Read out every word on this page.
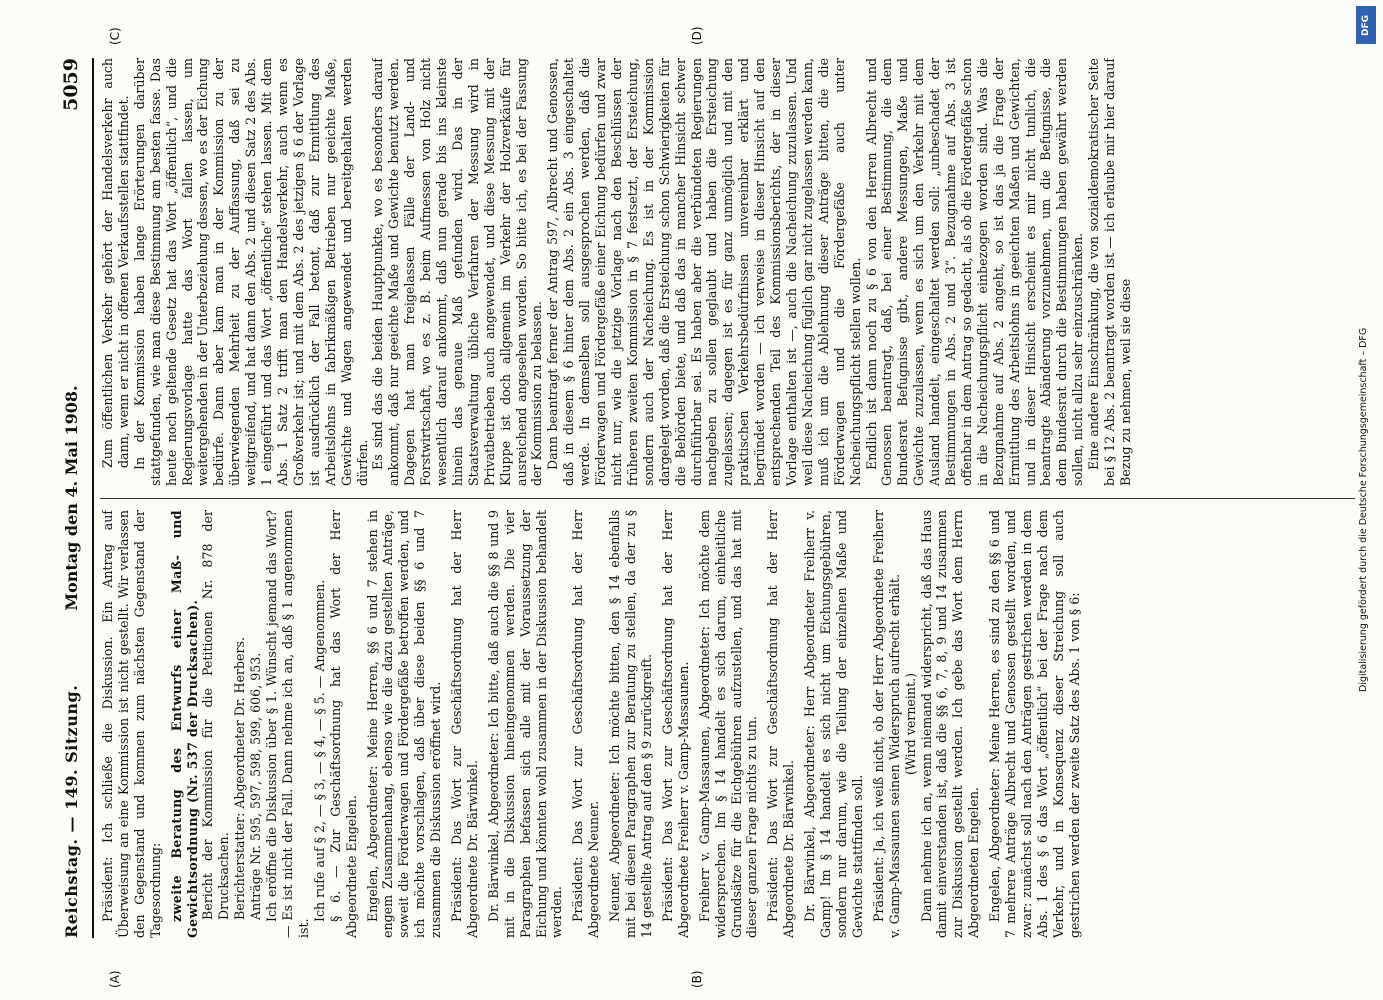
Reichstag. — 149. Sitzung.
Montag den 4. Mai 1908.
5059
(A)	(B)
(C)	(D)

Präsident: Ich schließe die Diskussion. Ein Antrag auf Überweisung an eine Kommission ist nicht gestellt. Wir verlassen den Gegenstand und kommen zum nächsten Gegenstand der Tagesordnung: zweite Beratung des Entwurfs einer Maß- und Gewichtsordnung (Nr. 537 der Drucksachen). Bericht der Kommission für die Petitionen Nr. 878 der Drucksachen. Berichterstatter: Abgeordneter Dr. Herbers. Anträge Nr. 595, 597, 598, 599, 606, 953. Ich eröffne die Diskussion über § 1. Wünscht jemand das Wort? — Es ist nicht der Fall. Dann nehme ich an, daß § 1 angenommen ist.

Ich rufe auf § 2, — § 3, — § 4, — § 5. — Angenommen. § 6. — Zur Geschäftsordnung hat das Wort der Herr Abgeordnete Engelen. Engelen, Abgeordneter: Meine Herren, §§ 6 und 7 stehen in engem Zusammenhang, ebenso wie die dazu gestellten Anträge, soweit die Förderwagen und Fördergefäße betroffen werden, und ich möchte vorschlagen, daß über diese beiden §§ 6 und 7 zusammen die Diskussion eröffnet wird. Präsident: Das Wort zur Geschäftsordnung hat der Herr Abgeordnete Dr. Bärwinkel. Dr. Bärwinkel, Abgeordneter: Ich bitte, daß auch die §§ 8 und 9 mit in die Diskussion hineingenommen werden. Die vier Paragraphen befassen sich alle mit der Voraussetzung der Eichung und könnten wohl zusammen in der Diskussion behandelt werden. Präsident: Das Wort zur Geschäftsordnung hat der Herr Abgeordnete Neuner. Neuner, Abgeordneter: Ich möchte bitten, den § 14 ebenfalls mit bei diesen Paragraphen zur Beratung zu stellen, da der zu § 14 gestellte Antrag auf den § 9 zurückgreift. Präsident: Das Wort zur Geschäftsordnung hat der Herr Abgeordnete Freiherr v. Gamp-Massaunen. Freiherr v. Gamp-Massaunen, Abgeordneter: Ich möchte dem widersprechen. Im § 14 handelt es sich darum, einheitliche Grundsätze für die Eichgebühren aufzustellen, und das hat mit dieser ganzen Frage nichts zu tun. Präsident: Das Wort zur Geschäftsordnung hat der Herr Abgeordnete Dr. Bärwinkel. Dr. Bärwinkel, Abgeordneter: Herr Abgeordneter Freiherr v. Gamp! Im § 14 handelt es sich nicht um Eichungsgebühren, sondern nur darum, wie die Teilung der einzelnen Maße und Gewichte stattfinden soll. Präsident: Ja, ich weiß nicht, ob der Herr Abgeordnete Freiherr v. Gamp-Massaunen seinen Widerspruch aufrecht erhält. (Wird verneint.) Dann nehme ich an, wenn niemand widerspricht, daß das Haus damit einverstanden ist, daß die §§ 6, 7, 8, 9 und 14 zusammen zur Diskussion gestellt werden. Ich gebe das Wort dem Herrn Abgeordneten Engelen. Engelen, Abgeordneter: Meine Herren, es sind zu den §§ 6 und 7 mehrere Anträge Albrecht und Genossen gestellt worden, und zwar: zunächst soll nach den Anträgen gestrichen werden in dem Abs. 1 des § 6 das Wort „öffentlich“ bei der Frage nach dem Verkehr, und in Konsequenz dieser Streichung soll auch gestrichen werden der zweite Satz des Abs. 1 von § 6:

Zum öffentlichen Verkehr gehört der Handelsverkehr auch dann, wenn er nicht in offenen Verkaufsstellen stattfindet. In der Kommission haben lange Erörterungen darüber stattgefunden, wie man diese Bestimmung am besten fasse. Das heute noch geltende Gesetz hat das Wort „öffentlich“, und die Regierungsvorlage hatte das Wort fallen lassen, um weitergehenden in der Unterbeziehung dessen, wo es der Eichung bedürfe. Dann aber kam man in der Kommission zu der überwiegenden Mehrheit zu der Auffassung, daß sei zu weitgreifend, und hat dann den Abs. 2 und diesen Satz 2 des Abs. 1 eingeführt und das Wort „öffentliche“ stehen lassen. Mit dem Abs. 1 Satz 2 trifft man den Handelsverkehr, auch wenn es Großverkehr ist; und mit dem Abs. 2 des jetzigen § 6 der Vorlage ist ausdrücklich der Fall betont, daß zur Ermittlung des Arbeitslohns in fabrikmäßigen Betrieben nur geeichte Maße, Gewichte und Wagen angewendet und bereitgehalten werden dürfen. Es sind das die beiden Hauptpunkte, wo es besonders darauf ankommt, daß nur geeichte Maße und Gewichte benutzt werden. Dagegen hat man freigelassen Fälle der Land- und Forstwirtschaft, wo es z. B. beim Aufmessen von Holz nicht wesentlich darauf ankommt, daß nun gerade bis ins kleinste hinein das genaue Maß gefunden wird. Das in der Staatsverwaltung übliche Verfahren der Messung wird in Privatbetrieben auch angewendet, und diese Messung mit der Kluppe ist doch allgemein im Verkehr der Holzverkäufe für ausreichend angesehen worden. So bitte ich, es bei der Fassung der Kommission zu belassen. Dann beantragt ferner der Antrag 597, Albrecht und Genossen, daß in diesem § 6 hinter dem Abs. 2 ein Abs. 3 eingeschaltet werde. In demselben soll ausgesprochen werden, daß die Förderwagen und Fördergefäße einer Eichung bedürfen und zwar nicht nur, wie die jetzige Vorlage nach den Beschlüssen der früheren zweiten Kommission in § 7 festsetzt, der Ersteichung, sondern auch der Nacheichung. Es ist in der Kommission dargelegt worden, daß die Ersteichung schon Schwierigkeiten für die Behörden biete, und daß das in mancher Hinsicht schwer durchführbar sei. Es haben aber die verbündeten Regierungen nachgeben zu sollen geglaubt und haben die Ersteichung zugelassen; dagegen ist es für ganz unmöglich und mit den praktischen Verkehrsbedürfnissen unvereinbar erklärt und begründet worden — ich verweise in dieser Hinsicht auf den entsprechenden Teil des Kommissionsberichts, der in dieser Vorlage enthalten ist —, auch die Nacheichung zuzulassen. Und weil diese Nacheichung füglich gar nicht zugelassen werden kann, muß ich um die Ablehnung dieser Anträge bitten, die die Förderwagen und die Fördergefäße auch unter Nacheichungspflicht stellen wollen. Endlich ist dann noch zu § 6 von den Herren Albrecht und Genossen beantragt, daß, bei einer Bestimmung, die dem Bundesrat Befugnisse gibt, andere Messungen, Maße und Gewichte zuzulassen, wenn es sich um den Verkehr mit dem Ausland handelt, eingeschaltet werden soll: „unbeschadet der Bestimmungen in Abs. 2 und 3“. Bezugnahme auf Abs. 3 ist offenbar in dem Antrag so gedacht, als ob die Fördergefäße schon in die Nacheichungspflicht einbezogen worden sind. Was die Bezugnahme auf Abs. 2 angeht, so ist das ja die Frage der Ermittlung des Arbeitslohns in geeichten Maßen und Gewichten, und in dieser Hinsicht erscheint es mir nicht tunlich, die beantragte Abänderung vorzunehmen, um die Befugnisse, die dem Bundesrat durch die Bestimmungen haben gewährt werden sollen, nicht allzu sehr einzuschränken. Eine andere Einschränkung, die von sozialdemokratischer Seite bei § 12 Abs. 2 beantragt worden ist — ich erlaube mir hier darauf Bezug zu nehmen, weil sie diese

DFG
Digitalisierung gefördert durch die Deutsche Forschungsgemeinschaft – DFG
